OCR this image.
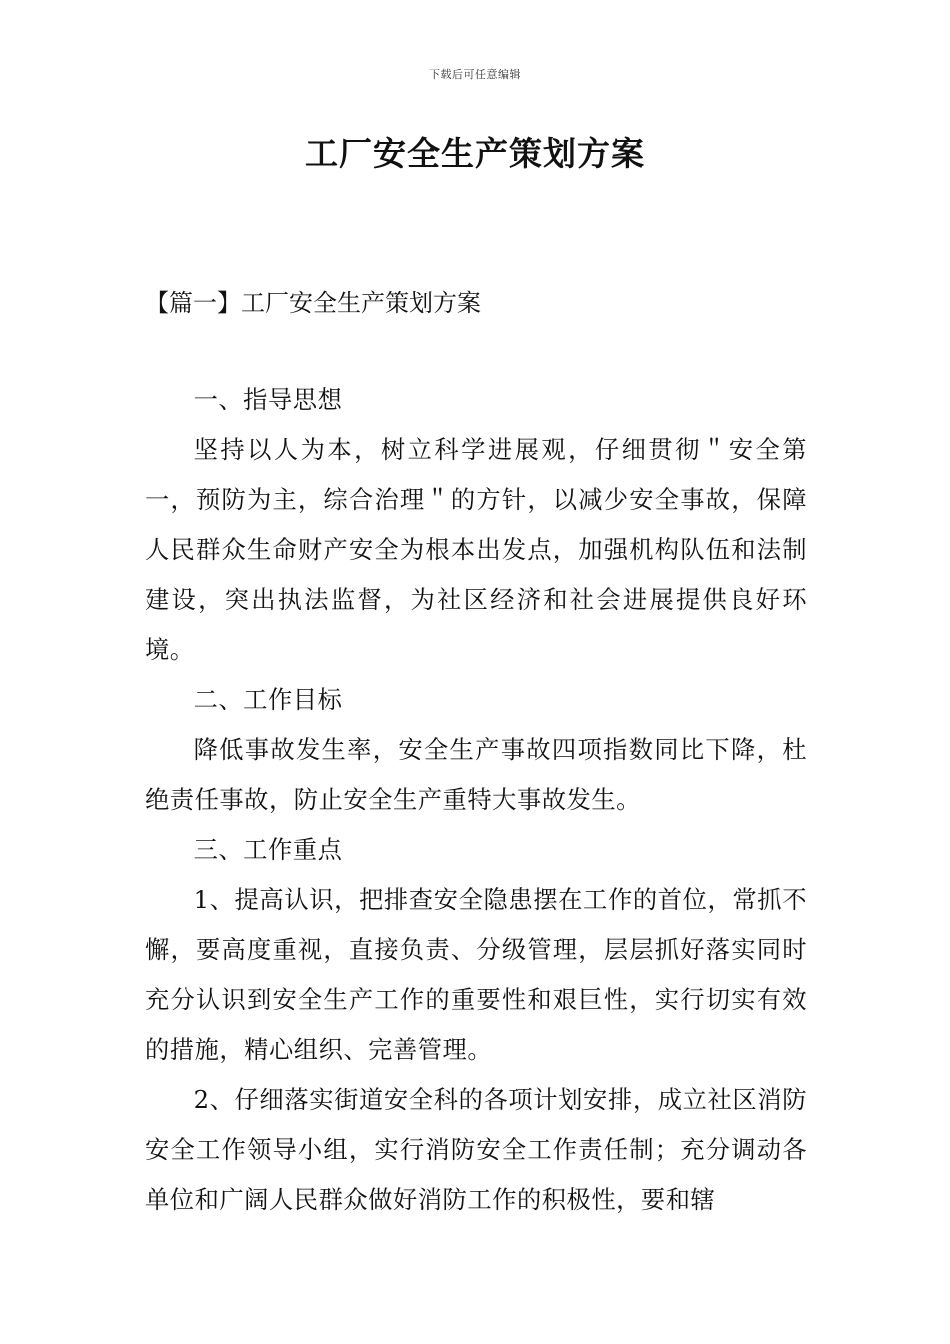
下载后可任意编辑
工厂安全生产策划方案
【篇一】工厂安全生产策划方案

一、指导思想

坚持以人为本，树立科学进展观，仔细贯彻＂安全第一，预防为主，综合治理＂的方针，以减少安全事故，保障人民群众生命财产安全为根本出发点，加强机构队伍和法制建设，突出执法监督，为社区经济和社会进展提供良好环境。

二、工作目标

降低事故发生率，安全生产事故四项指数同比下降，杜绝责任事故，防止安全生产重特大事故发生。

三、工作重点

1、提高认识，把排查安全隐患摆在工作的首位，常抓不懈，要高度重视，直接负责、分级管理，层层抓好落实同时充分认识到安全生产工作的重要性和艰巨性，实行切实有效的措施，精心组织、完善管理。

2、仔细落实街道安全科的各项计划安排，成立社区消防安全工作领导小组，实行消防安全工作责任制；充分调动各单位和广阔人民群众做好消防工作的积极性，要和辖
